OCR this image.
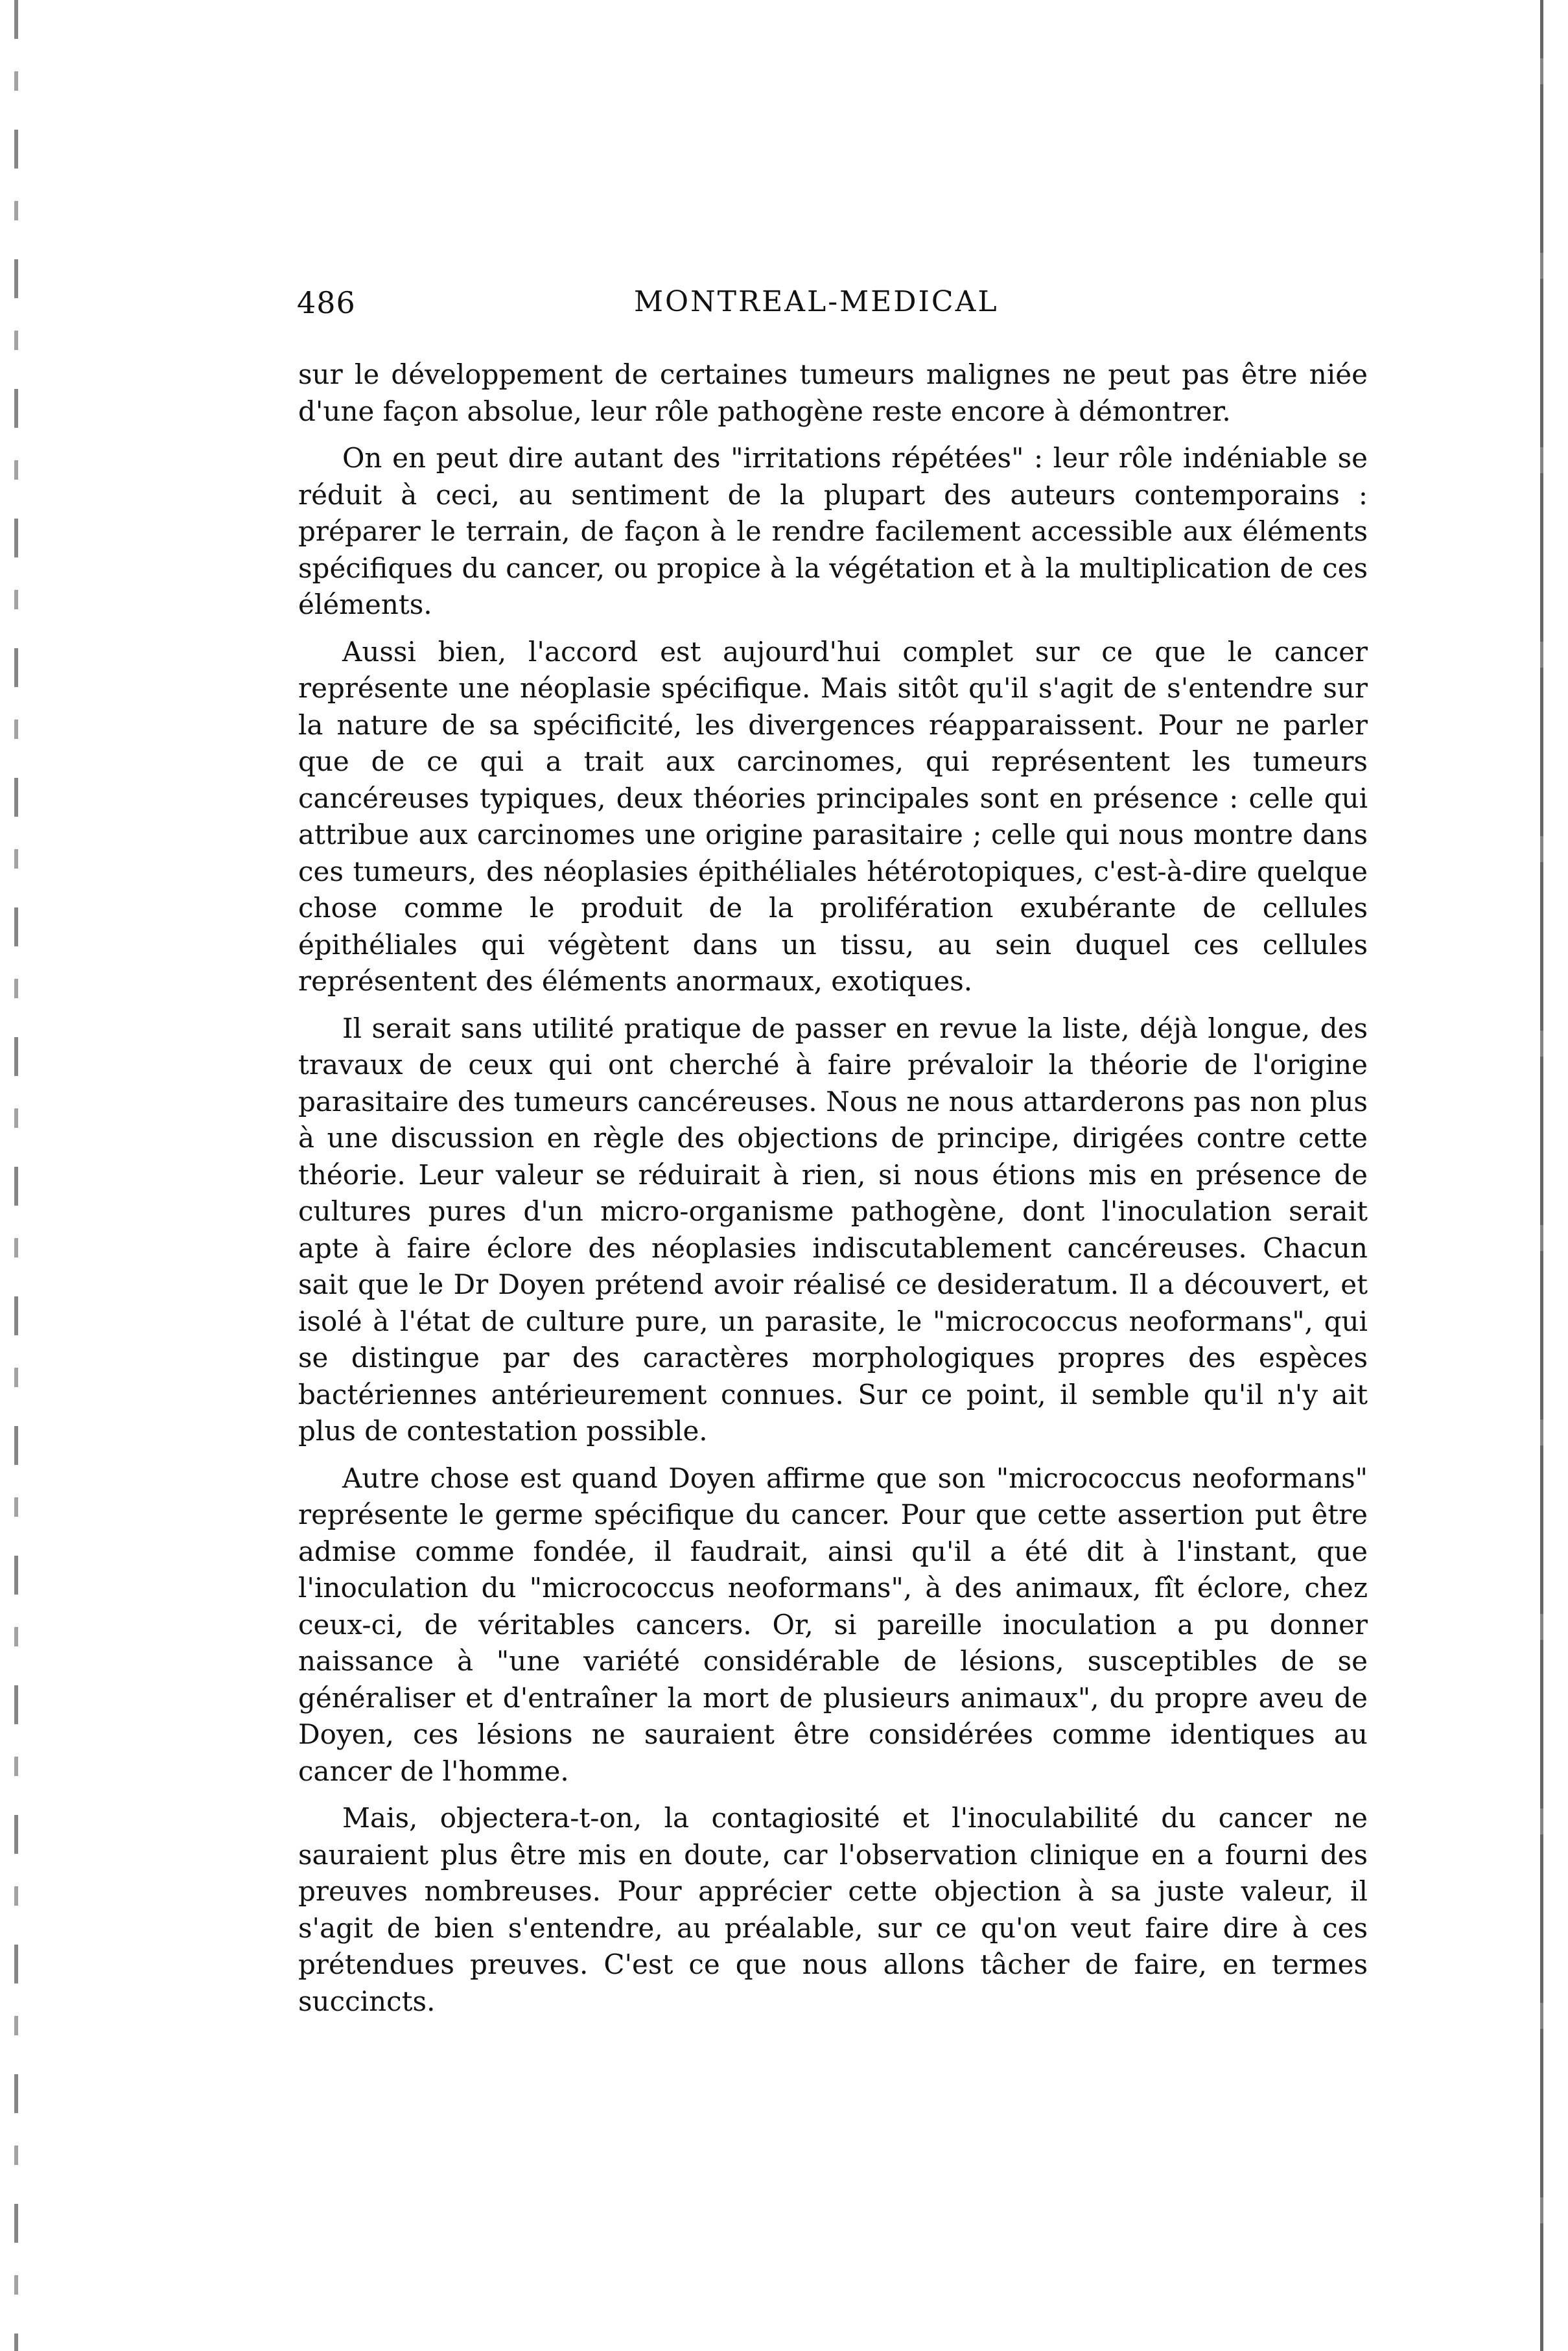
486	MONTREAL-MEDICAL

sur le développement de certaines tumeurs malignes ne peut pas être niée d'une façon absolue, leur rôle pathogène reste encore à démontrer.

On en peut dire autant des "irritations répétées" : leur rôle indéniable se réduit à ceci, au sentiment de la plupart des auteurs contemporains : préparer le terrain, de façon à le rendre facilement accessible aux éléments spécifiques du cancer, ou propice à la végétation et à la multiplication de ces éléments.

Aussi bien, l'accord est aujourd'hui complet sur ce que le cancer représente une néoplasie spécifique. Mais sitôt qu'il s'agit de s'entendre sur la nature de sa spécificité, les divergences réapparaissent. Pour ne parler que de ce qui a trait aux carcinomes, qui représentent les tumeurs cancéreuses typiques, deux théories principales sont en présence : celle qui attribue aux carcinomes une origine parasitaire ; celle qui nous montre dans ces tumeurs, des néoplasies épithéliales hétérotopiques, c'est-à-dire quelque chose comme le produit de la prolifération exubérante de cellules épithéliales qui végètent dans un tissu, au sein duquel ces cellules représentent des éléments anormaux, exotiques.

Il serait sans utilité pratique de passer en revue la liste, déjà longue, des travaux de ceux qui ont cherché à faire prévaloir la théorie de l'origine parasitaire des tumeurs cancéreuses. Nous ne nous attarderons pas non plus à une discussion en règle des objections de principe, dirigées contre cette théorie. Leur valeur se réduirait à rien, si nous étions mis en présence de cultures pures d'un micro-organisme pathogène, dont l'inoculation serait apte à faire éclore des néoplasies indiscutablement cancéreuses. Chacun sait que le Dr Doyen prétend avoir réalisé ce desideratum. Il a découvert, et isolé à l'état de culture pure, un parasite, le "micrococcus neoformans", qui se distingue par des caractères morphologiques propres des espèces bactériennes antérieurement connues. Sur ce point, il semble qu'il n'y ait plus de contestation possible.

Autre chose est quand Doyen affirme que son "micrococcus neoformans" représente le germe spécifique du cancer. Pour que cette assertion put être admise comme fondée, il faudrait, ainsi qu'il a été dit à l'instant, que l'inoculation du "micrococcus neoformans", à des animaux, fît éclore, chez ceux-ci, de véritables cancers. Or, si pareille inoculation a pu donner naissance à "une variété considérable de lésions, susceptibles de se généraliser et d'entraîner la mort de plusieurs animaux", du propre aveu de Doyen, ces lésions ne sauraient être considérées comme identiques au cancer de l'homme.

Mais, objectera-t-on, la contagiosité et l'inoculabilité du cancer ne sauraient plus être mis en doute, car l'observation clinique en a fourni des preuves nombreuses. Pour apprécier cette objection à sa juste valeur, il s'agit de bien s'entendre, au préalable, sur ce qu'on veut faire dire à ces prétendues preuves. C'est ce que nous allons tâcher de faire, en termes succincts.
